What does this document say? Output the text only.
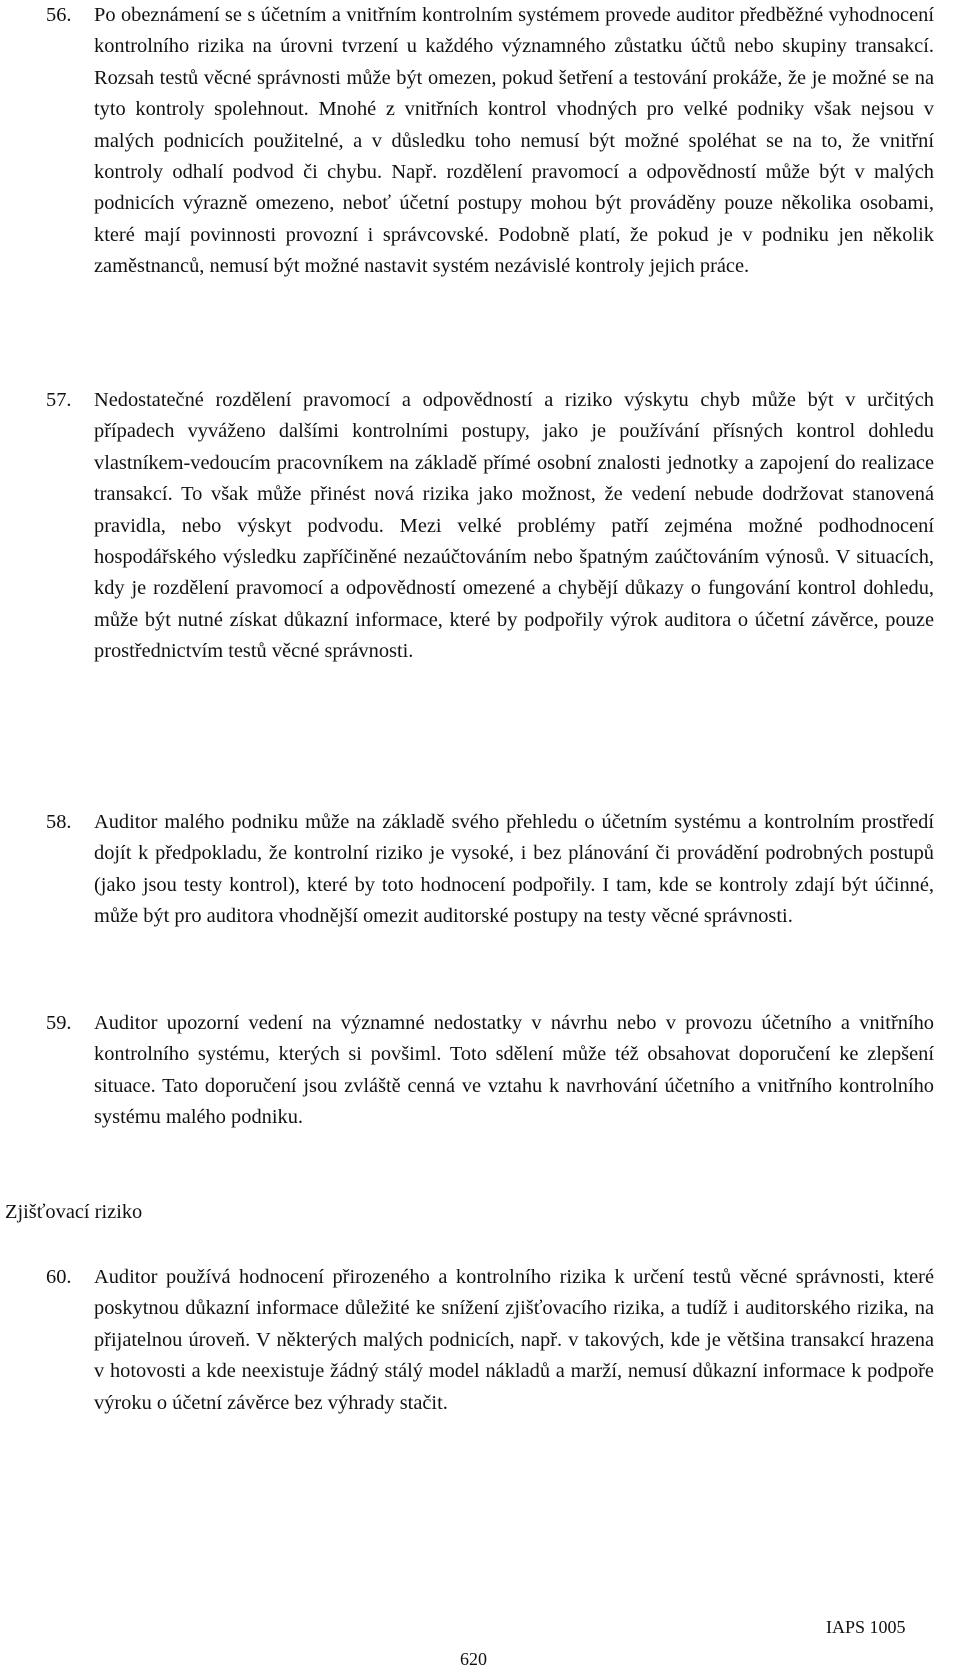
56.	Po obeznámení se s účetním a vnitřním kontrolním systémem provede auditor předběžné vyhodnocení kontrolního rizika na úrovni tvrzení u každého významného zůstatku účtů nebo skupiny transakcí. Rozsah testů věcné správnosti může být omezen, pokud šetření a testování prokáže, že je možné se na tyto kontroly spolehnout. Mnohé z vnitřních kontrol vhodných pro velké podniky však nejsou v malých podnicích použitelné, a v důsledku toho nemusí být možné spoléhat se na to, že vnitřní kontroly odhalí podvod či chybu. Např. rozdělení pravomocí a odpovědností může být v malých podnicích výrazně omezeno, neboť účetní postupy mohou být prováděny pouze několika osobami, které mají povinnosti provozní i správcovské. Podobně platí, že pokud je v podniku jen několik zaměstnanců, nemusí být možné nastavit systém nezávislé kontroly jejich práce.
57.	Nedostatečné rozdělení pravomocí a odpovědností a riziko výskytu chyb může být v určitých případech vyváženo dalšími kontrolními postupy, jako je používání přísných kontrol dohledu vlastníkem-vedoucím pracovníkem na základě přímé osobní znalosti jednotky a zapojení do realizace transakcí. To však může přinést nová rizika jako možnost, že vedení nebude dodržovat stanovená pravidla, nebo výskyt podvodu. Mezi velké problémy patří zejména možné podhodnocení hospodářského výsledku zapříčiněné nezaúčtováním nebo špatným zaúčtováním výnosů. V situacích, kdy je rozdělení pravomocí a odpovědností omezené a chybějí důkazy o fungování kontrol dohledu, může být nutné získat důkazní informace, které by podpořily výrok auditora o účetní závěrce, pouze prostřednictvím testů věcné správnosti.
58.	Auditor malého podniku může na základě svého přehledu o účetním systému a kontrolním prostředí dojít k předpokladu, že kontrolní riziko je vysoké, i bez plánování či provádění podrobných postupů (jako jsou testy kontrol), které by toto hodnocení podpořily. I tam, kde se kontroly zdají být účinné, může být pro auditora vhodnější omezit auditorské postupy na testy věcné správnosti.
59.	Auditor upozorní vedení na významné nedostatky v návrhu nebo v provozu účetního a vnitřního kontrolního systému, kterých si povšiml. Toto sdělení může též obsahovat doporučení ke zlepšení situace. Tato doporučení jsou zvláště cenná ve vztahu k navrhování účetního a vnitřního kontrolního systému malého podniku.
Zjišťovací riziko
60.	Auditor používá hodnocení přirozeného a kontrolního rizika k určení testů věcné správnosti, které poskytnou důkazní informace důležité ke snížení zjišťovacího rizika, a tudíž i auditorského rizika, na přijatelnou úroveň. V některých malých podnicích, např. v takových, kde je většina transakcí hrazena v hotovosti a kde neexistuje žádný stálý model nákladů a marží, nemusí důkazní informace k podpoře výroku o účetní závěrce bez výhrady stačit.
IAPS 1005
620
